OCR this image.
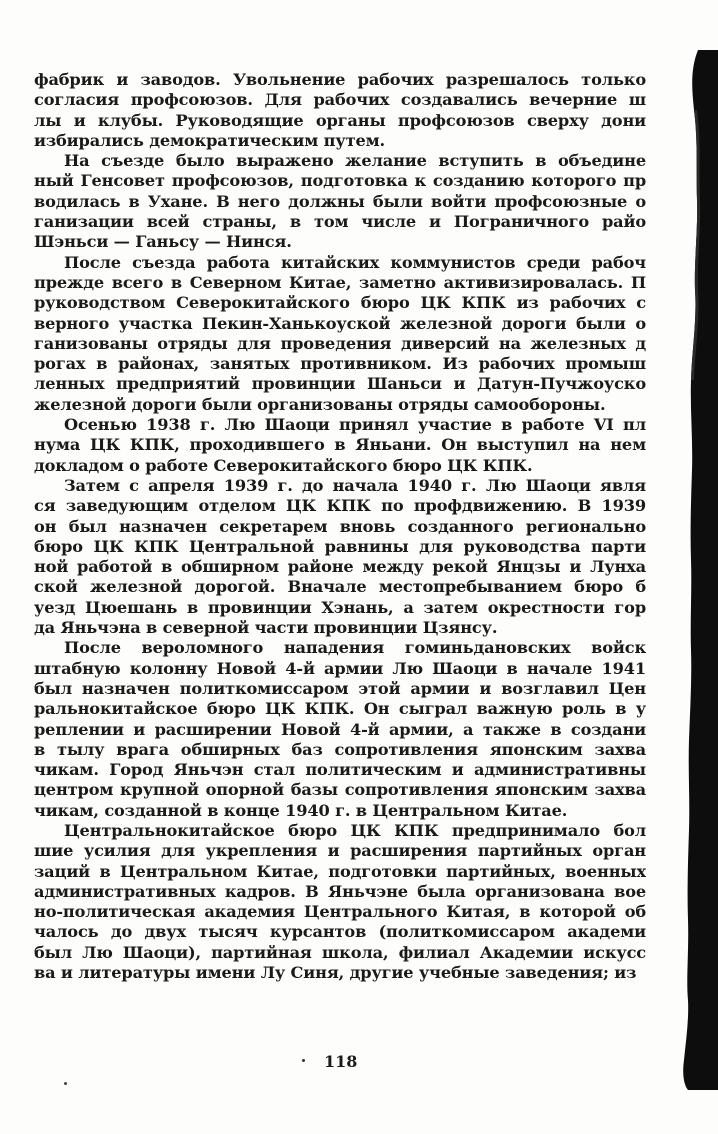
фабрик и заводов. Увольнение рабочих разрешалось только
согласия профсоюзов. Для рабочих создавались вечерние ш
лы и клубы. Руководящие органы профсоюзов сверху дони
избирались демократическим путем.
На съезде было выражено желание вступить в объедине
ный Генсовет профсоюзов, подготовка к созданию которого пр
водилась в Ухане. В него должны были войти профсоюзные о
ганизации всей страны, в том числе и Пограничного райо
Шэньси — Ганьсу — Нинся.
После съезда работа китайских коммунистов среди рабоч
прежде всего в Северном Китае, заметно активизировалась. П
руководством Северокитайского бюро ЦК КПК из рабочих с
верного участка Пекин-Ханькоуской железной дороги были о
ганизованы отряды для проведения диверсий на железных д
рогах в районах, занятых противником. Из рабочих промыш
ленных предприятий провинции Шаньси и Датун-Пучжоуско
железной дороги были организованы отряды самообороны.
Осенью 1938 г. Лю Шаоци принял участие в работе VI пл
нума ЦК КПК, проходившего в Яньани. Он выступил на нем
докладом о работе Северокитайского бюро ЦК КПК.
Затем с апреля 1939 г. до начала 1940 г. Лю Шаоци явля
ся заведующим отделом ЦК КПК по профдвижению. В 1939
он был назначен секретарем вновь созданного регионально
бюро ЦК КПК Центральной равнины для руководства парти
ной работой в обширном районе между рекой Янцзы и Лунха
ской железной дорогой. Вначале местопребыванием бюро б
уезд Цюешань в провинции Хэнань, а затем окрестности гор
да Яньчэна в северной части провинции Цзянсу.
После вероломного нападения гоминьдановских войск
штабную колонну Новой 4-й армии Лю Шаоци в начале 1941
был назначен политкомиссаром этой армии и возглавил Цен
ральнокитайское бюро ЦК КПК. Он сыграл важную роль в у
реплении и расширении Новой 4-й армии, а также в создани
в тылу врага обширных баз сопротивления японским захва
чикам. Город Яньчэн стал политическим и административны
центром крупной опорной базы сопротивления японским захва
чикам, созданной в конце 1940 г. в Центральном Китае.
Центральнокитайское бюро ЦК КПК предпринимало бол
шие усилия для укрепления и расширения партийных орган
заций в Центральном Китае, подготовки партийных, военных
административных кадров. В Яньчэне была организована вое
но-политическая академия Центрального Китая, в которой об
чалось до двух тысяч курсантов (политкомиссаром академи
был Лю Шаоци), партийная школа, филиал Академии искусс
ва и литературы имени Лу Синя, другие учебные заведения; из
118
